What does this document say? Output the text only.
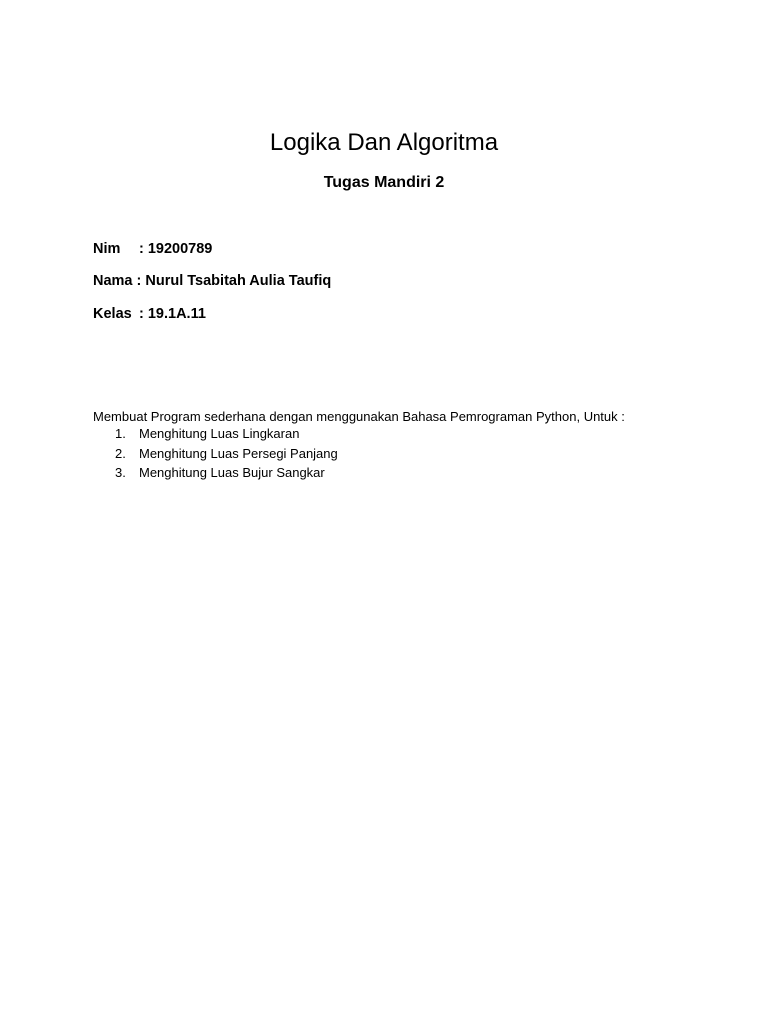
Logika Dan Algoritma
Tugas Mandiri 2
Nim : 19200789
Nama : Nurul Tsabitah Aulia Taufiq
Kelas : 19.1A.11

Membuat Program sederhana dengan menggunakan Bahasa Pemrograman Python, Untuk :

1. Menghitung Luas Lingkaran
2. Menghitung Luas Persegi Panjang
3. Menghitung Luas Bujur Sangkar
